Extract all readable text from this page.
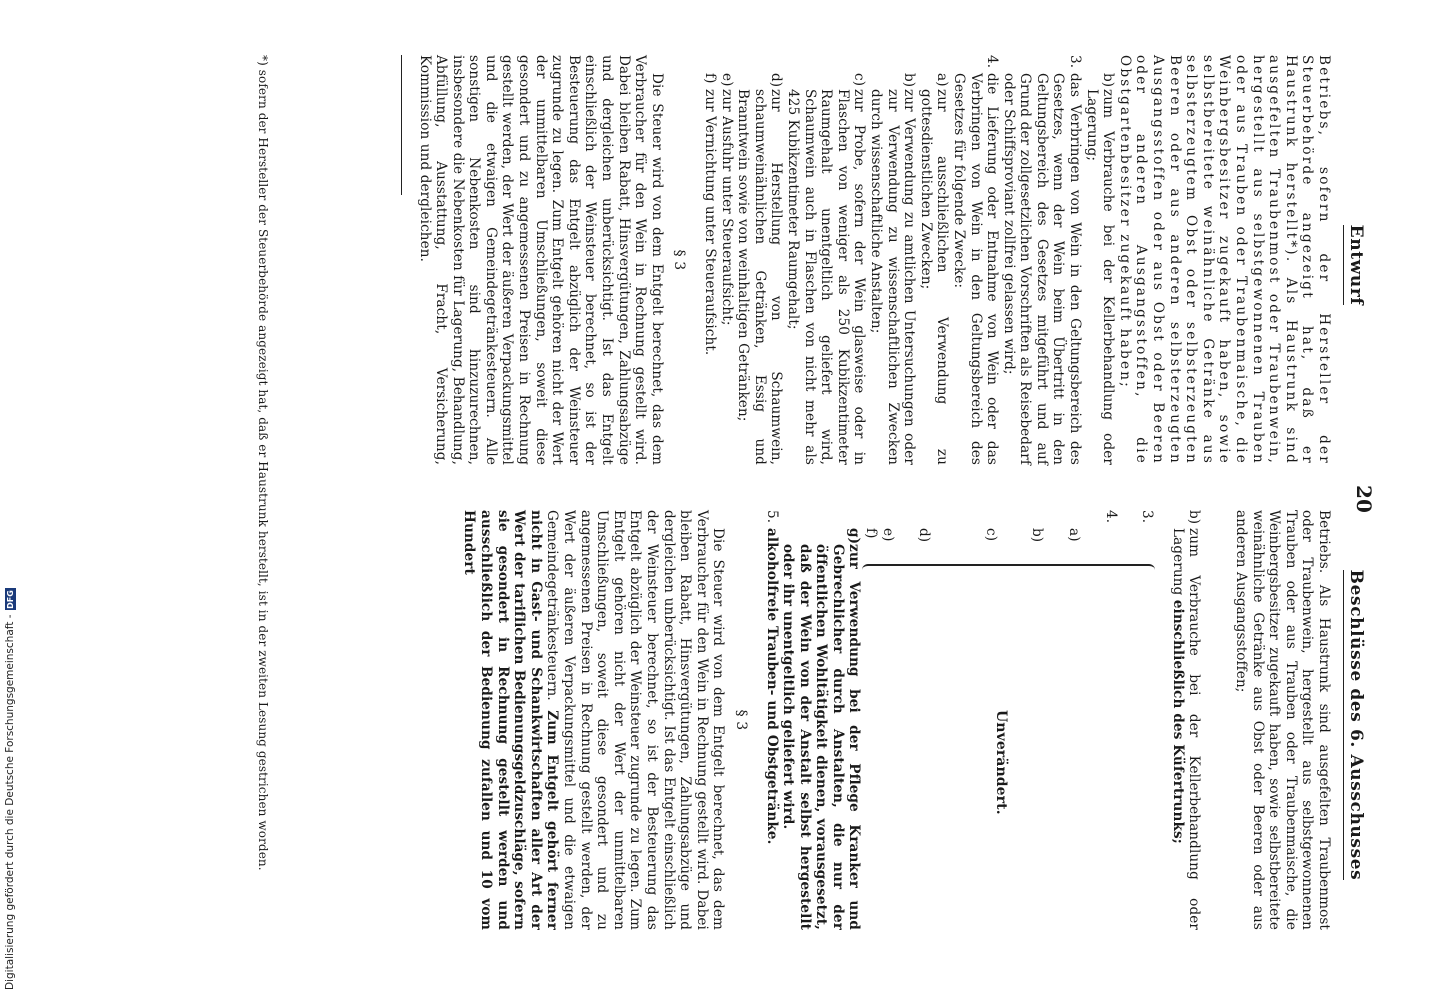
20
Entwurf
Beschlüsse des 6. Ausschusses

Betriebs, sofern der Hersteller der Steuerbehörde angezeigt hat, daß er Haustrunk herstellt*). Als Haustrunk sind ausgefelten Traubenmost oder Traubenwein, hergestellt aus selbstgewonnenen Trauben oder aus Trauben oder Traubenmaische, die Weinbergsbesitzer zugekauft haben, sowie selbstbereitete weinähnliche Getränke aus selbsterzeugtem Obst oder selbsterzeugten Beeren oder aus anderen selbsterzeugten Ausgangsstoffen oder aus Obst oder Beeren oder anderen Ausgangsstoffen, die Obstgartenbesitzer zugekauft haben;

b)
zum Verbrauche bei der Kellerbehandlung oder Lagerung;
3.
das Verbringen von Wein in den Geltungsbereich des Gesetzes, wenn der Wein beim Übertritt in den Geltungsbereich des Gesetzes mitgeführt und auf Grund der zollgesetzlichen Vorschriften als Reisebedarf oder Schiffsproviant zollfrei gelassen wird;
4.
die Lieferung oder Entnahme von Wein oder das Verbringen von Wein in den Geltungsbereich des Gesetzes für folgende Zwecke:
a)
zur ausschließlichen Verwendung zu gottesdienstlichen Zwecken;
b)
zur Verwendung zu amtlichen Untersuchungen oder zur Verwendung zu wissenschaftlichen Zwecken durch wissenschaftliche Anstalten;
c)
zur Probe, sofern der Wein glasweise oder in Flaschen von weniger als 250 Kubikzentimeter Raumgehalt unentgeltlich geliefert wird, Schaumwein auch in Flaschen von nicht mehr als 425 Kubikzentimeter Raumgehalt;
d)
zur Herstellung von Schaumwein, schaumweinähnlichen Getränken, Essig und Branntwein sowie von weinhaltigen Getränken;
e)
zur Ausfuhr unter Steueraufsicht;
f)
zur Vernichtung unter Steueraufsicht.
§ 3

Die Steuer wird von dem Entgelt berechnet, das dem Verbraucher für den Wein in Rechnung gestellt wird. Dabei bleiben Rabatt, Hinsvergütungen, Zahlungsabzüge und dergleichen unberücksichtigt. Ist das Entgelt einschließlich der Weinsteuer berechnet, so ist der Besteuerung das Entgelt abzüglich der Weinsteuer zugrunde zu legen. Zum Entgelt gehören nicht der Wert der unmittelbaren Umschließungen, soweit diese gesondert und zu angemessenen Preisen in Rechnung gestellt werden, der Wert der äußeren Verpackungsmittel und die etwaigen Gemeindegetränkesteuern. Alle sonstigen Nebenkosten sind hinzuzurechnen, insbesondere die Nebenkosten für Lagerung, Behandlung, Abfüllung, Ausstattung, Fracht, Versicherung, Kommission und dergleichen.

Betriebs. Als Haustrunk sind ausgefelten Traubenmost oder Traubenwein, hergestellt aus selbstgewonnenen Trauben oder aus Trauben oder Traubenmaische, die Weinbergsbesitzer zugekauft haben, sowie selbstbereitete weinähnliche Getränke aus Obst oder Beeren oder aus anderen Ausgangsstoffen;

b)
zum Verbrauche bei der Kellerbehandlung oder Lagerung einschließlich des Küfertrunks;
Unverändert.
3.
4.
a)
b)
c)
d)
e)
f)
g)
zur Verwendung bei der Pflege Kranker und Gebrechlicher durch Anstalten, die nur der öffentlichen Wohltätigkeit dienen, vorausgesetzt, daß der Wein von der Anstalt selbst hergestellt oder ihr unentgeltlich geliefert wird.
5.
alkoholfreie Trauben- und Obstgetränke.
§ 3

Die Steuer wird von dem Entgelt berechnet, das dem Verbraucher für den Wein in Rechnung gestellt wird. Dabei bleiben Rabatt, Hinsvergütungen, Zahlungsabzüge und dergleichen unberücksichtigt. Ist das Entgelt einschließlich der Weinsteuer berechnet, so ist der Besteuerung das Entgelt abzüglich der Weinsteuer zugrunde zu legen. Zum Entgelt gehören nicht der Wert der unmittelbaren Umschließungen, soweit diese gesondert und zu angemessenen Preisen in Rechnung gestellt werden, der Wert der äußeren Verpackungsmittel und die etwaigen Gemeindegetränkesteuern. Zum Entgelt gehört ferner nicht in Gast- und Schankwirtschaften aller Art der Wert der tariflichen Bedienungsgeldzuschläge, sofern sie gesondert in Rechnung gestellt werden und ausschließlich der Bedienung zufallen und 10 vom Hundert

*) sofern der Hersteller der Steuerbehörde angezeigt hat, daß er Haustrunk herstellt, ist in der zweiten Lesung gestrichen worden.
Digitalisierung gefördert durch die Deutsche Forschungsgemeinschaft -
DFG
